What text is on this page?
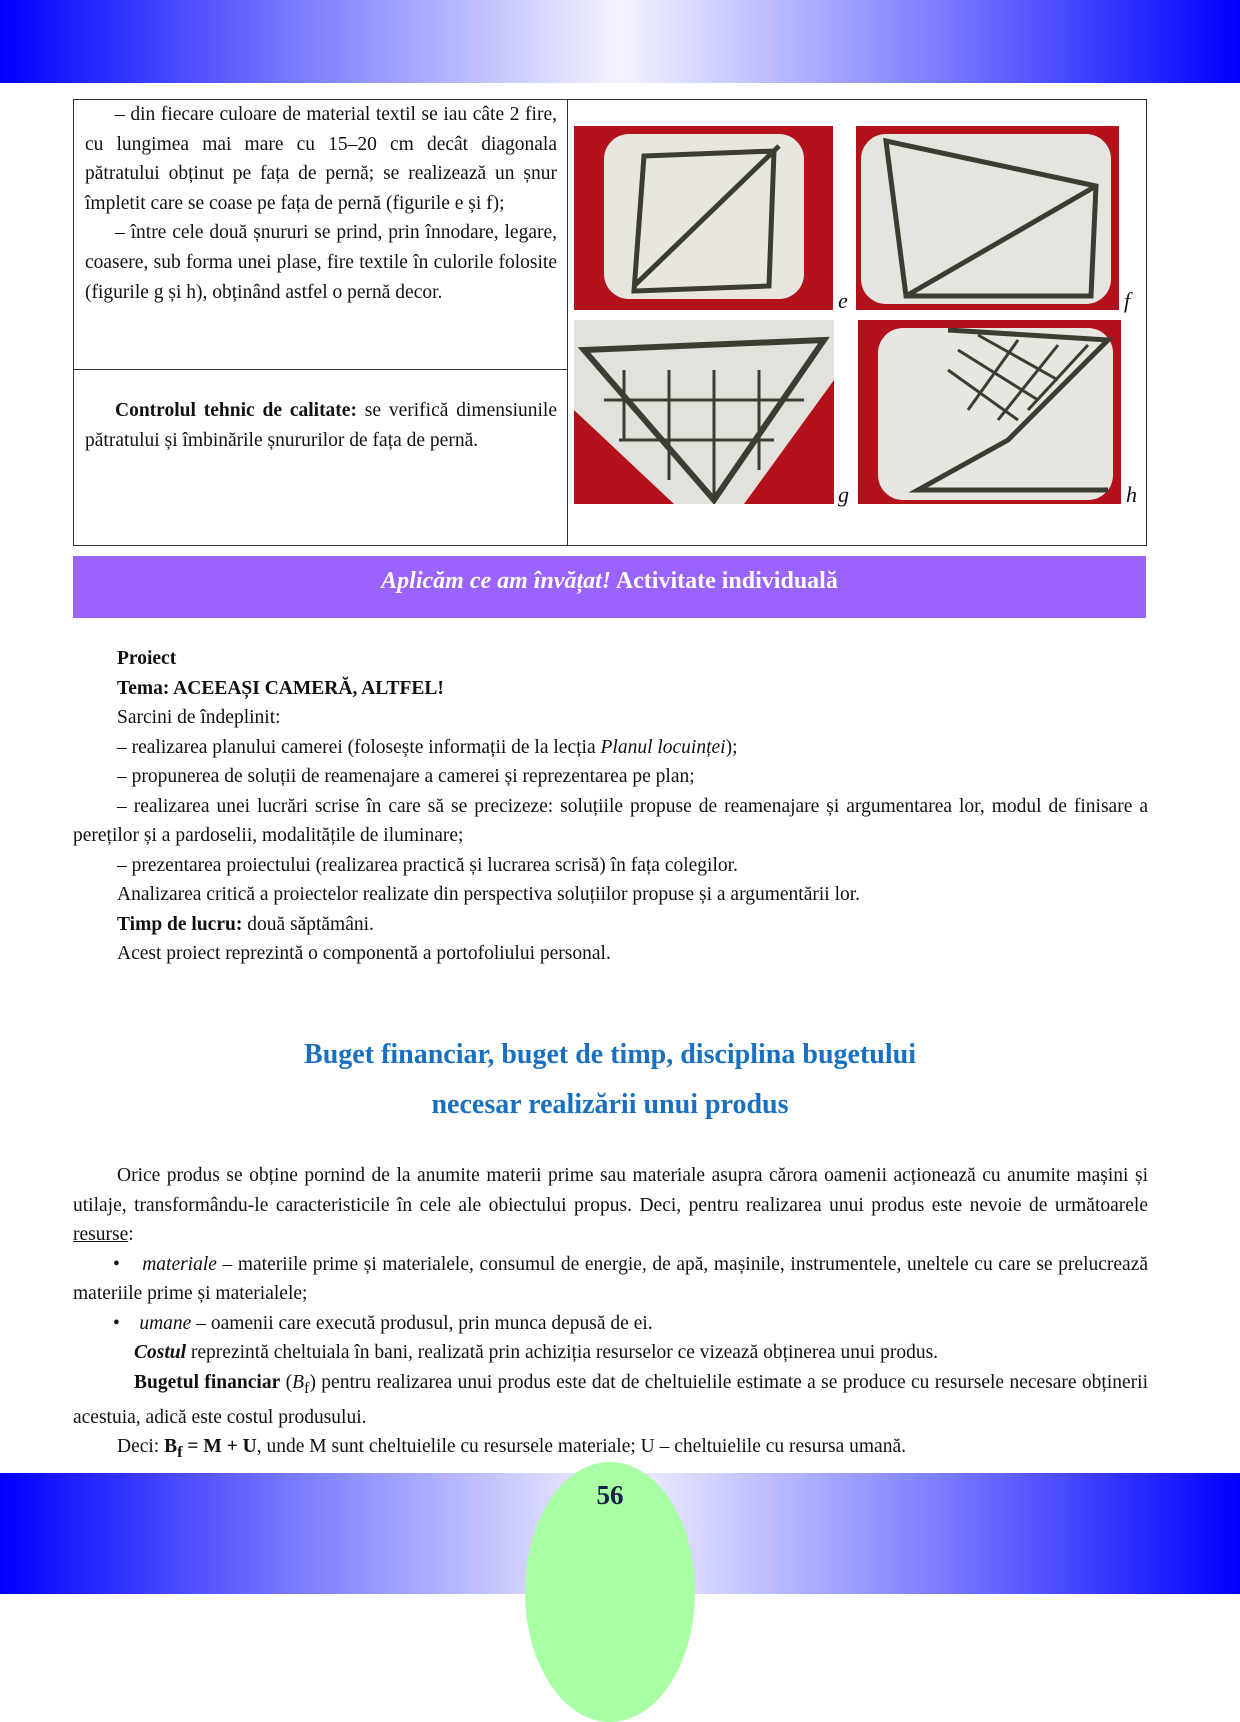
– din fiecare culoare de material textil se iau câte 2 fire, cu lungimea mai mare cu 15–20 cm decât diagonala pătratului obținut pe fața de pernă; se realizează un șnur împletit care se coase pe fața de pernă (figurile e și f);

– între cele două șnururi se prind, prin înnodare, legare, coasere, sub forma unei plase, fire textile în culorile folosite (figurile g și h), obținând astfel o pernă decor.

Controlul tehnic de calitate: se verifică dimensiunile pătratului și îmbinările șnururilor de fața de pernă.

e	f
g	h
Aplicăm ce am învățat! Activitate individuală

Proiect

Tema: ACEEAȘI CAMERĂ, ALTFEL!

Sarcini de îndeplinit:

– realizarea planului camerei (folosește informații de la lecția Planul locuinței);

– propunerea de soluții de reamenajare a camerei și reprezentarea pe plan;

– realizarea unei lucrări scrise în care să se precizeze: soluțiile propuse de reamenajare și argumentarea lor, modul de finisare a pereților și a pardoselii, modalitățile de iluminare;

– prezentarea proiectului (realizarea practică și lucrarea scrisă) în fața colegilor.

Analizarea critică a proiectelor realizate din perspectiva soluțiilor propuse și a argumentării lor.

Timp de lucru: două săptămâni.

Acest proiect reprezintă o componentă a portofoliului personal.

Buget financiar, buget de timp, disciplina bugetului
necesar realizării unui produs

Orice produs se obține pornind de la anumite materii prime sau materiale asupra cărora oamenii acționează cu anumite mașini și utilaje, transformându-le caracteristicile în cele ale obiectului propus. Deci, pentru realizarea unui produs este nevoie de următoarele resurse:

•    materiale – materiile prime și materialele, consumul de energie, de apă, mașinile, instrumentele, uneltele cu care se prelucrează materiile prime și materialele;

•    umane – oamenii care execută produsul, prin munca depusă de ei.

Costul reprezintă cheltuiala în bani, realizată prin achiziția resurselor ce vizează obținerea unui produs.

Bugetul financiar $(B_f)$ pentru realizarea unui produs este dat de cheltuielile estimate a se produce cu resursele necesare obținerii acestuia, adică este costul produsului.

Deci: $B_f = M + U$, unde M sunt cheltuielile cu resursele materiale; U – cheltuielile cu resursa umană.

56
